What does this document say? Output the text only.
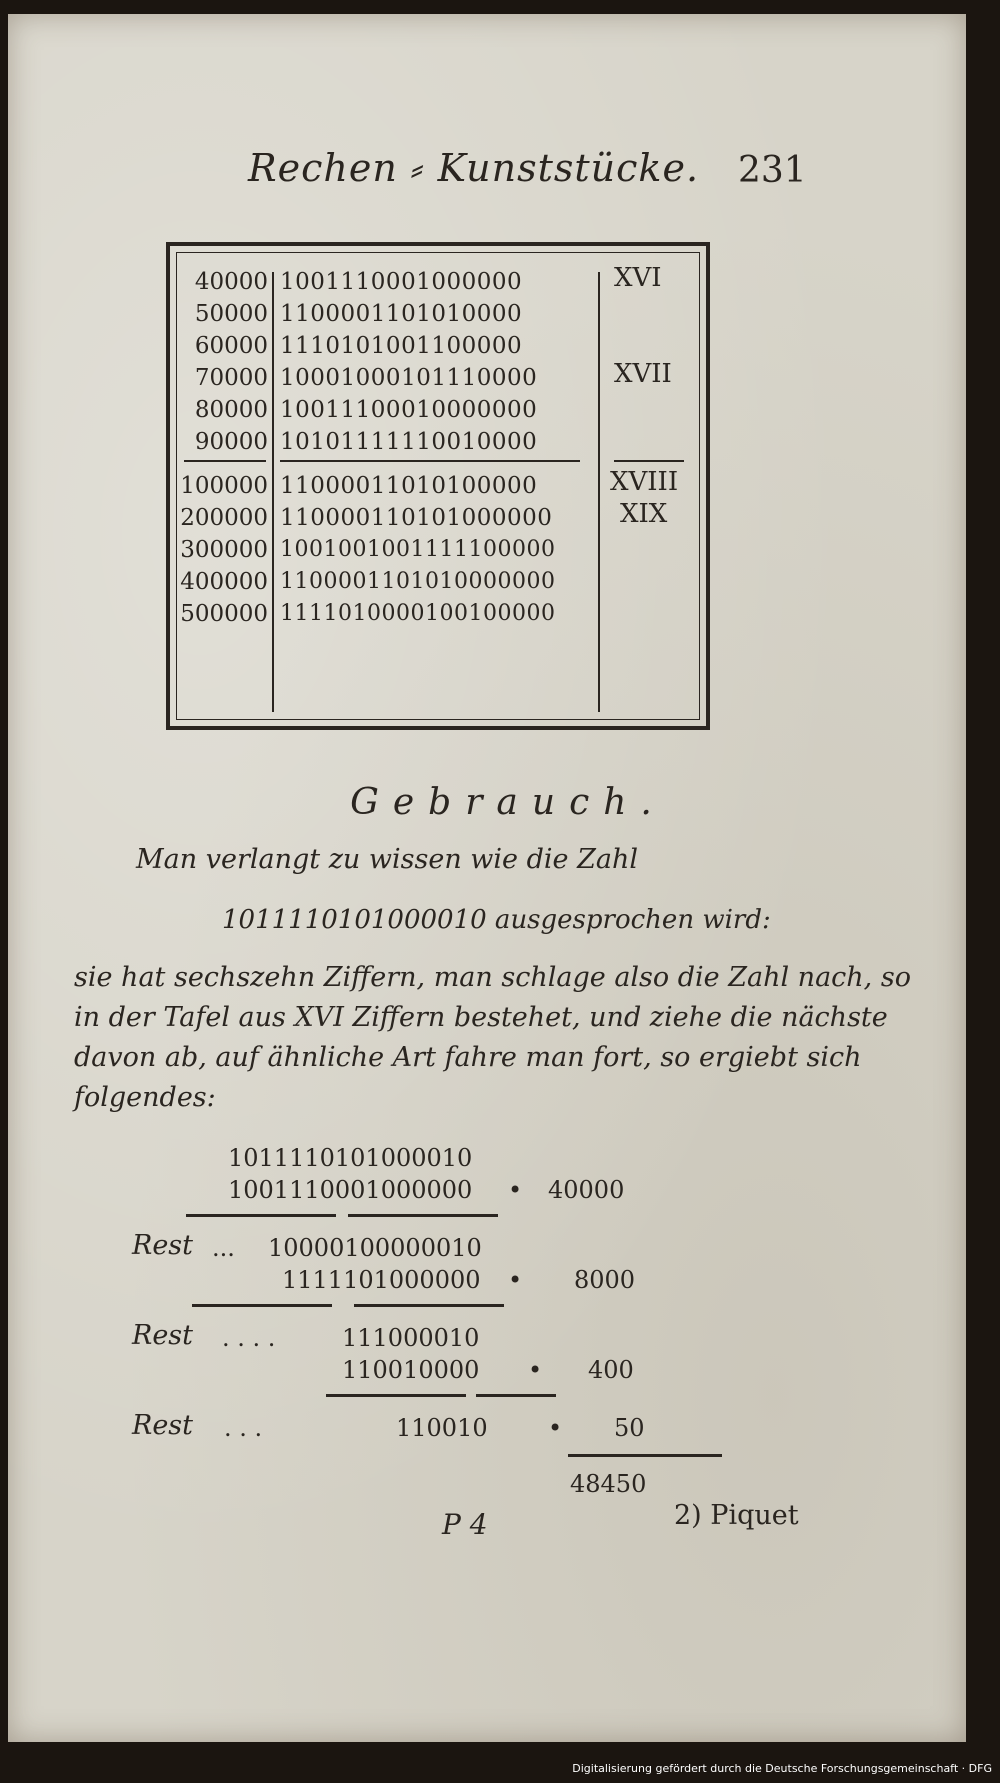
Rechen ⸗ Kunststücke. 231
40000 1001110001000000	XVI
50000 1100001101010000
60000 1110101001100000
70000 10001000101110000	XVII
80000 10011100010000000
90000 10101111110010000
100000 11000011010100000	XVIII
200000 110000110101000000	XIX
300000 1001001001111100000
400000 1100001101010000000
500000 1111010000100100000
Gebrauch.
Man verlangt zu wissen wie die Zahl
1011110101000010 ausgesprochen wird:
sie hat sechszehn Ziffern, man schlage also die Zahl nach, so
in der Tafel aus XVI Ziffern bestehet, und ziehe die nächste
davon ab, auf ähnliche Art fahre man fort, so ergiebt sich
folgendes:
1011110101000010
1001110001000000 • 40000
Rest ... 10000100000010
1111101000000 • 8000
Rest . . . .	111000010
110010000 • 400
Rest . . .	110010	• 50
48450
P 4	2) Piquet
Digitalisierung gefördert durch die Deutsche Forschungsgemeinschaft · DFG
